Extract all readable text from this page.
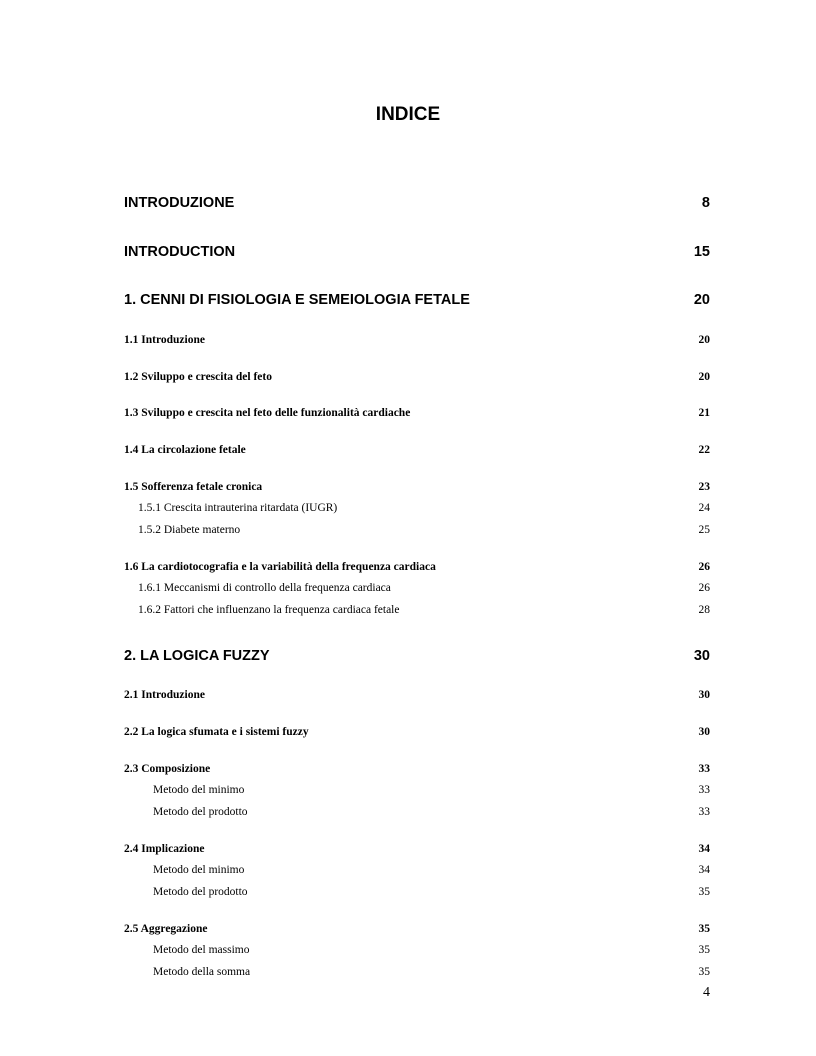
INDICE
INTRODUZIONE	8
INTRODUCTION	15
1. CENNI DI FISIOLOGIA E SEMEIOLOGIA FETALE	20
1.1 Introduzione	20
1.2 Sviluppo e crescita del feto	20
1.3 Sviluppo e crescita nel feto delle funzionalità cardiache	21
1.4 La circolazione fetale	22
1.5 Sofferenza fetale cronica	23
1.5.1 Crescita intrauterina ritardata (IUGR)	24
1.5.2 Diabete materno	25
1.6 La cardiotocografia e la variabilità della frequenza cardiaca	26
1.6.1 Meccanismi di controllo della frequenza cardiaca	26
1.6.2 Fattori che influenzano la frequenza cardiaca fetale	28
2. LA LOGICA FUZZY	30
2.1 Introduzione	30
2.2 La logica sfumata e i sistemi fuzzy	30
2.3 Composizione	33
Metodo del minimo	33
Metodo del prodotto	33
2.4 Implicazione	34
Metodo del minimo	34
Metodo del prodotto	35
2.5 Aggregazione	35
Metodo del massimo	35
Metodo della somma	35
4
